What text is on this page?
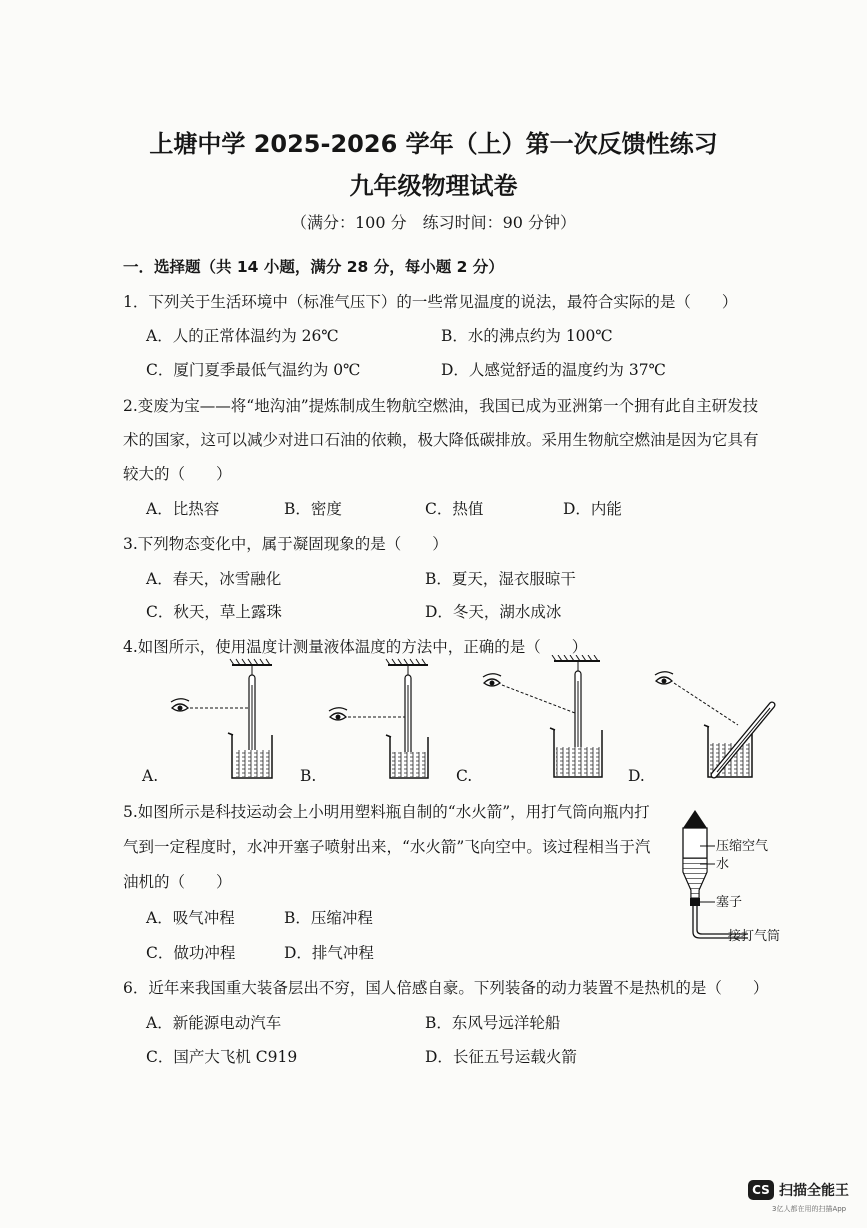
上塘中学 2025-2026 学年（上）第一次反馈性练习
九年级物理试卷
（满分：100 分　练习时间：90 分钟）
一．选择题（共 14 小题，满分 28 分，每小题 2 分）
1．下列关于生活环境中（标准气压下）的一些常见温度的说法，最符合实际的是（　　）
A．人的正常体温约为 26℃	B．水的沸点约为 100℃
C．厦门夏季最低气温约为 0℃	D．人感觉舒适的温度约为 37℃
2.变废为宝——将“地沟油”提炼制成生物航空燃油，我国已成为亚洲第一个拥有此自主研发技
术的国家，这可以减少对进口石油的依赖，极大降低碳排放。采用生物航空燃油是因为它具有
较大的（　　）
A．比热容	B．密度	C．热值	D．内能
3.下列物态变化中，属于凝固现象的是（　　）
A．春天，冰雪融化	B．夏天，湿衣服晾干
C．秋天，草上露珠	D．冬天，湖水成冰
4.如图所示，使用温度计测量液体温度的方法中，正确的是（　　）
A.	B.	C.	D.
5.如图所示是科技运动会上小明用塑料瓶自制的“水火箭”，用打气筒向瓶内打
气到一定程度时，水冲开塞子喷射出来，“水火箭”飞向空中。该过程相当于汽
油机的（　　）
A．吸气冲程	B．压缩冲程
C．做功冲程	D．排气冲程
压缩空气
水
塞子
接打气筒
6．近年来我国重大装备层出不穷，国人倍感自豪。下列装备的动力装置不是热机的是（　　）
A．新能源电动汽车	B．东风号远洋轮船
C．国产大飞机 C919	D．长征五号运载火箭
CS 扫描全能王
3亿人都在用的扫描App
